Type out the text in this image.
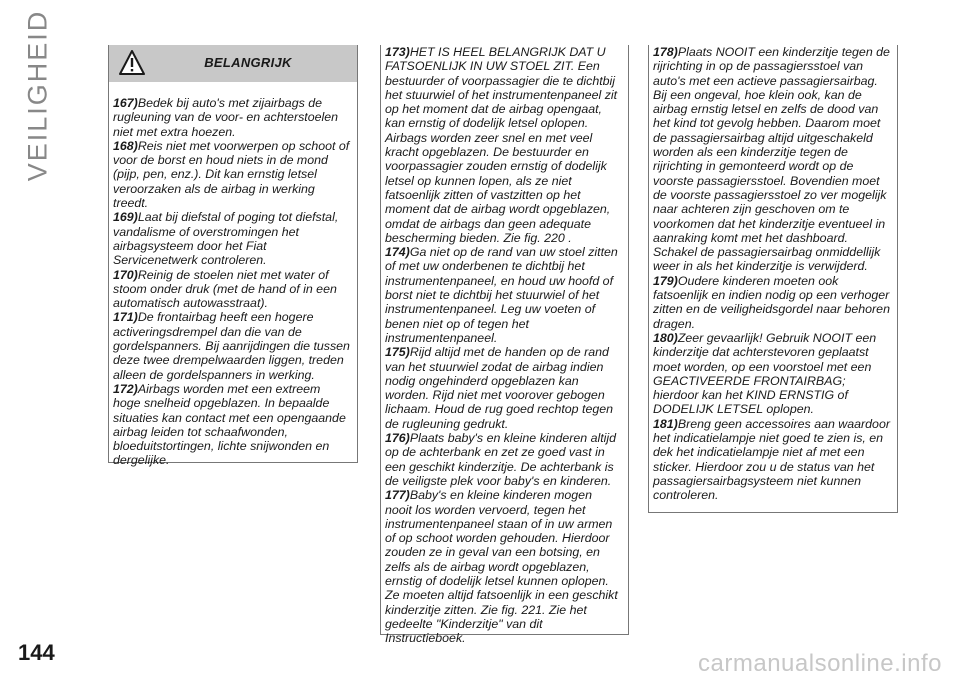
VEILIGHEID	BELANGRIJK

167)Bedek bij auto's met zijairbags de rugleuning van de voor- en achterstoelen niet met extra hoezen.

168)Reis niet met voorwerpen op schoot of voor de borst en houd niets in de mond (pijp, pen, enz.). Dit kan ernstig letsel veroorzaken als de airbag in werking treedt.

169)Laat bij diefstal of poging tot diefstal, vandalisme of overstromingen het airbagsysteem door het Fiat Servicenetwerk controleren.

170)Reinig de stoelen niet met water of stoom onder druk (met de hand of in een automatisch autowasstraat).

171)De frontairbag heeft een hogere activeringsdrempel dan die van de gordelspanners. Bij aanrijdingen die tussen deze twee drempelwaarden liggen, treden alleen de gordelspanners in werking.

172)Airbags worden met een extreem hoge snelheid opgeblazen. In bepaalde situaties kan contact met een opengaande airbag leiden tot schaafwonden, bloeduitstortingen, lichte snijwonden en dergelijke.

173)HET IS HEEL BELANGRIJK DAT U FATSOENLIJK IN UW STOEL ZIT. Een bestuurder of voorpassagier die te dichtbij het stuurwiel of het instrumentenpaneel zit op het moment dat de airbag opengaat, kan ernstig of dodelijk letsel oplopen. Airbags worden zeer snel en met veel kracht opgeblazen. De bestuurder en voorpassagier zouden ernstig of dodelijk letsel op kunnen lopen, als ze niet fatsoenlijk zitten of vastzitten op het moment dat de airbag wordt opgeblazen, omdat de airbags dan geen adequate bescherming bieden. Zie fig. 220 .

174)Ga niet op de rand van uw stoel zitten of met uw onderbenen te dichtbij het instrumentenpaneel, en houd uw hoofd of borst niet te dichtbij het stuurwiel of het instrumentenpaneel. Leg uw voeten of benen niet op of tegen het instrumentenpaneel.

175)Rijd altijd met de handen op de rand van het stuurwiel zodat de airbag indien nodig ongehinderd opgeblazen kan worden. Rijd niet met voorover gebogen lichaam. Houd de rug goed rechtop tegen de rugleuning gedrukt.

176)Plaats baby's en kleine kinderen altijd op de achterbank en zet ze goed vast in een geschikt kinderzitje. De achterbank is de veiligste plek voor baby's en kinderen.

177)Baby's en kleine kinderen mogen nooit los worden vervoerd, tegen het instrumentenpaneel staan of in uw armen of op schoot worden gehouden. Hierdoor zouden ze in geval van een botsing, en zelfs als de airbag wordt opgeblazen, ernstig of dodelijk letsel kunnen oplopen. Ze moeten altijd fatsoenlijk in een geschikt kinderzitje zitten. Zie fig. 221. Zie het gedeelte "Kinderzitje" van dit Instructieboek.

178)Plaats NOOIT een kinderzitje tegen de rijrichting in op de passagiersstoel van auto's met een actieve passagiersairbag. Bij een ongeval, hoe klein ook, kan de airbag ernstig letsel en zelfs de dood van het kind tot gevolg hebben. Daarom moet de passagiersairbag altijd uitgeschakeld worden als een kinderzitje tegen de rijrichting in gemonteerd wordt op de voorste passagiersstoel. Bovendien moet de voorste passagiersstoel zo ver mogelijk naar achteren zijn geschoven om te voorkomen dat het kinderzitje eventueel in aanraking komt met het dashboard. Schakel de passagiersairbag onmiddellijk weer in als het kinderzitje is verwijderd.

179)Oudere kinderen moeten ook fatsoenlijk en indien nodig op een verhoger zitten en de veiligheidsgordel naar behoren dragen.

180)Zeer gevaarlijk! Gebruik NOOIT een kinderzitje dat achterstevoren geplaatst moet worden, op een voorstoel met een GEACTIVEERDE FRONTAIRBAG; hierdoor kan het KIND ERNSTIG of DODELIJK LETSEL oplopen.

181)Breng geen accessoires aan waardoor het indicatielampje niet goed te zien is, en dek het indicatielampje niet af met een sticker. Hierdoor zou u de status van het passagiersairbagsysteem niet kunnen controleren.

144	carmanualsonline.info
